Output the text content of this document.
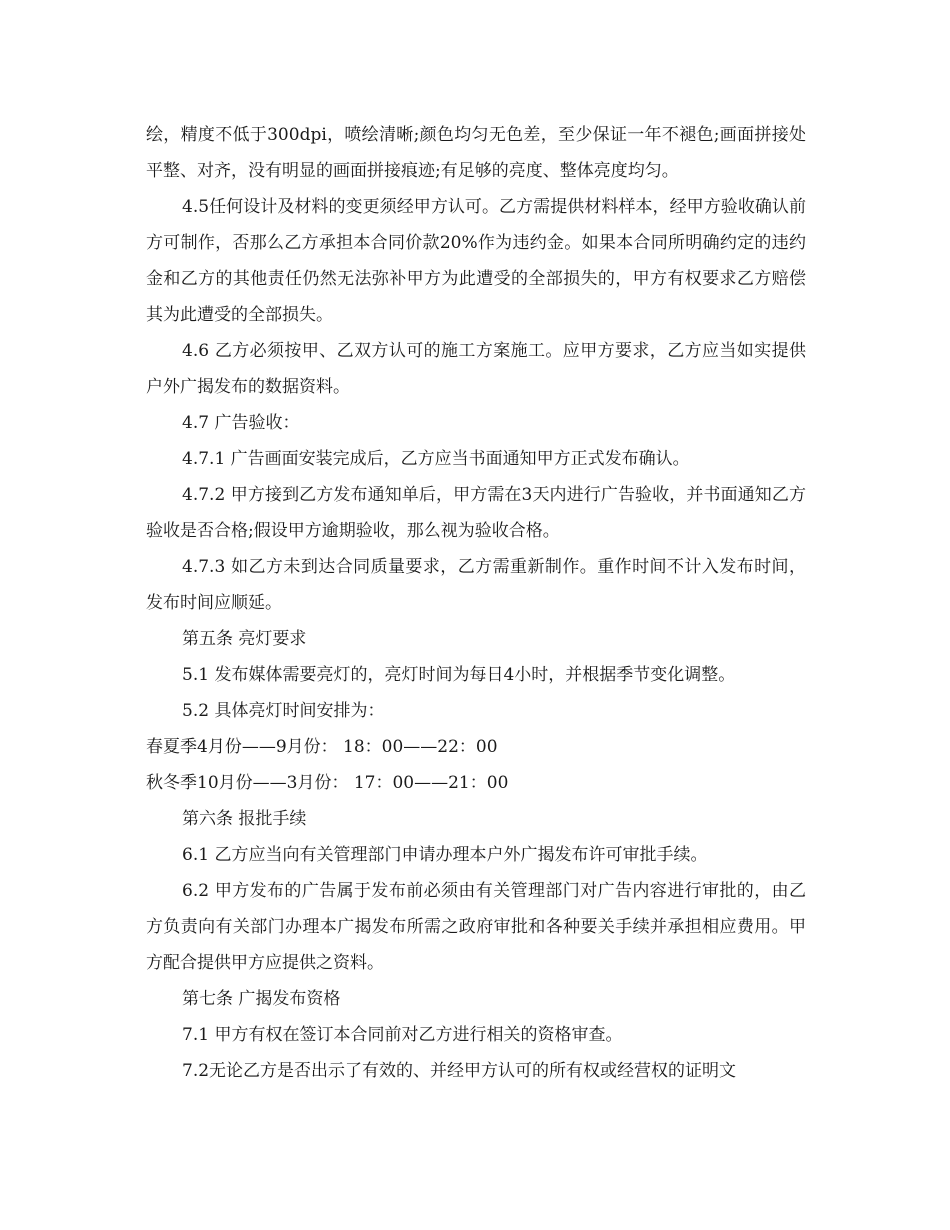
绘，精度不低于300dpi，喷绘清晰;颜色均匀无色差，至少保证一年不褪色;画面拼接处平整、对齐，没有明显的画面拼接痕迹;有足够的亮度、整体亮度均匀。

4.5任何设计及材料的变更须经甲方认可。乙方需提供材料样本，经甲方验收确认前方可制作，否那么乙方承担本合同价款20%作为违约金。如果本合同所明确约定的违约金和乙方的其他责任仍然无法弥补甲方为此遭受的全部损失的，甲方有权要求乙方赔偿其为此遭受的全部损失。

4.6 乙方必须按甲、乙双方认可的施工方案施工。应甲方要求，乙方应当如实提供户外广揭发布的数据资料。

4.7 广告验收：

4.7.1 广告画面安装完成后，乙方应当书面通知甲方正式发布确认。

4.7.2 甲方接到乙方发布通知单后，甲方需在3天内进行广告验收，并书面通知乙方验收是否合格;假设甲方逾期验收，那么视为验收合格。

4.7.3 如乙方未到达合同质量要求，乙方需重新制作。重作时间不计入发布时间，发布时间应顺延。

第五条 亮灯要求

5.1 发布媒体需要亮灯的，亮灯时间为每日4小时，并根据季节变化调整。

5.2 具体亮灯时间安排为：

春夏季4月份——9月份： 18：00——22：00

秋冬季10月份——3月份： 17：00——21：00

第六条 报批手续

6.1 乙方应当向有关管理部门申请办理本户外广揭发布许可审批手续。

6.2 甲方发布的广告属于发布前必须由有关管理部门对广告内容进行审批的，由乙方负责向有关部门办理本广揭发布所需之政府审批和各种要关手续并承担相应费用。甲方配合提供甲方应提供之资料。

第七条 广揭发布资格

7.1 甲方有权在签订本合同前对乙方进行相关的资格审查。

7.2无论乙方是否出示了有效的、并经甲方认可的所有权或经营权的证明文
